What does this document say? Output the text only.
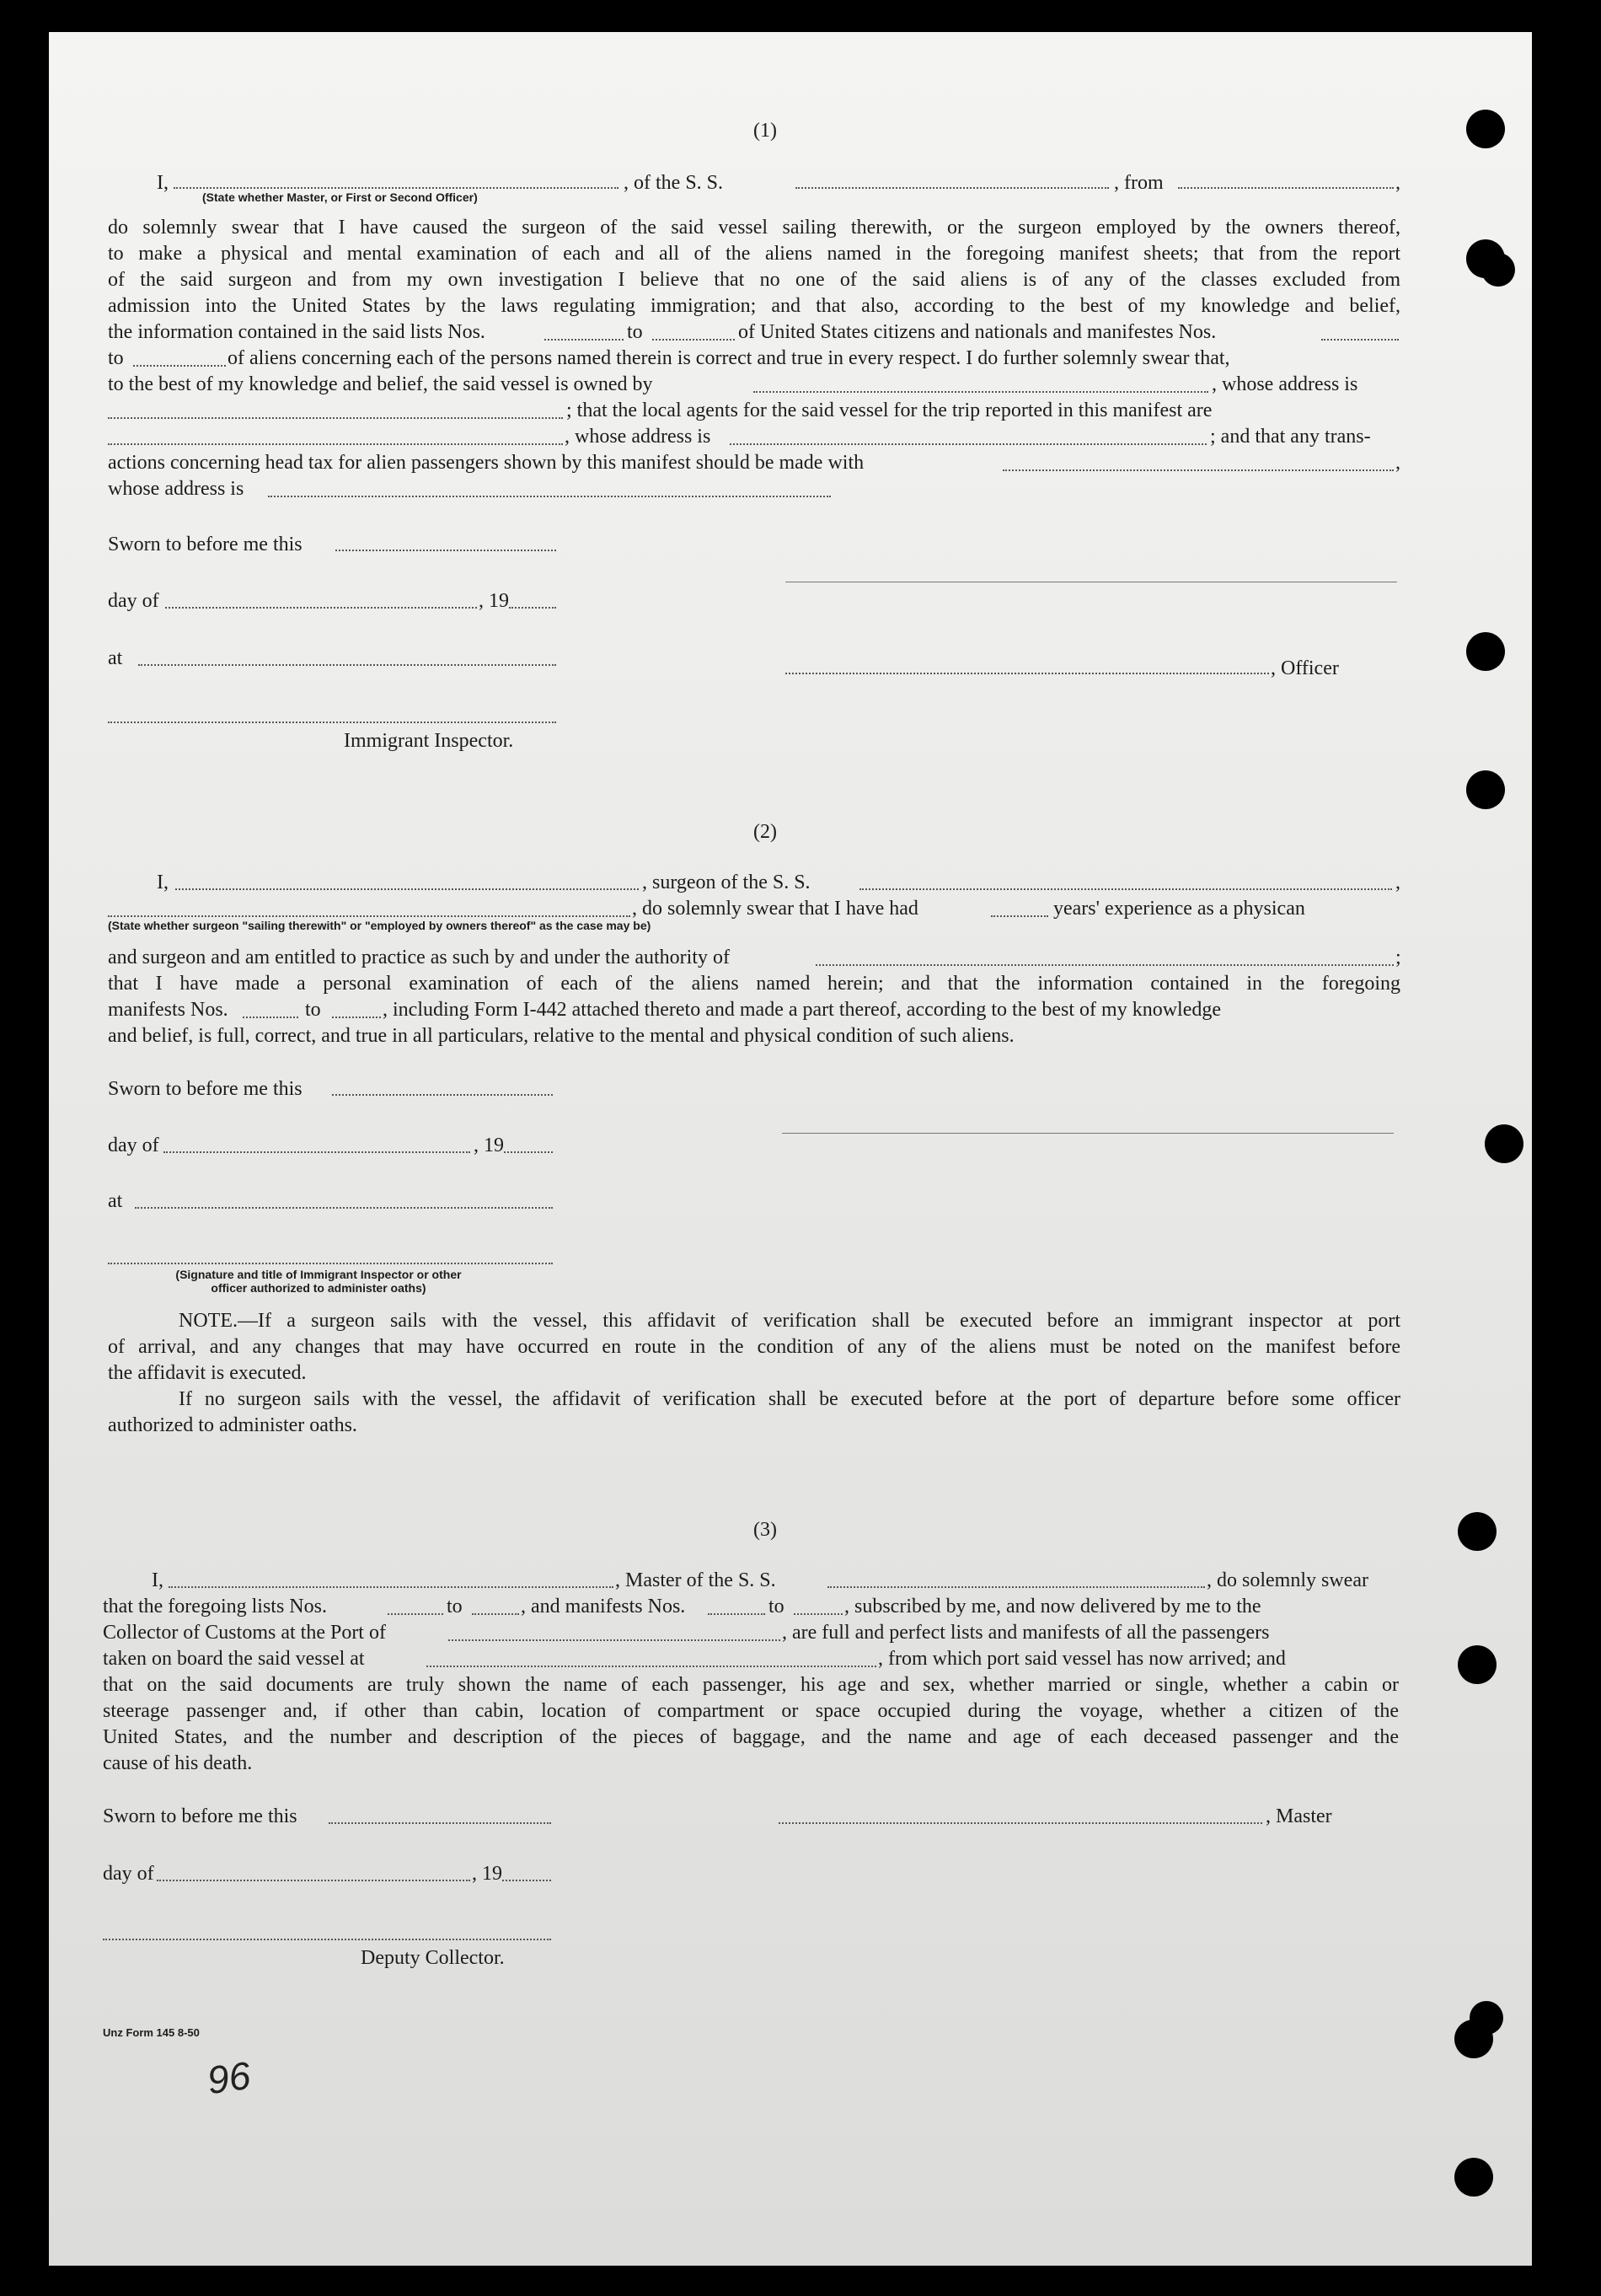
(1)
I,	, of the S. S.	, from	,
(State whether Master, or First or Second Officer)
do solemnly swear that I have caused the surgeon of the said vessel sailing therewith, or the surgeon employed by the owners thereof,
to make a physical and mental examination of each and all of the aliens named in the foregoing manifest sheets; that from the report
of the said surgeon and from my own investigation I believe that no one of the said aliens is of any of the classes excluded from
admission into the United States by the laws regulating immigration; and that also, according to the best of my knowledge and belief,
the information contained in the said lists Nos.	to	of United States citizens and nationals and manifestes Nos.
to	of aliens concerning each of the persons named therein is correct and true in every respect. I do further solemnly swear that,
to the best of my knowledge and belief, the said vessel is owned by	, whose address is
; that the local agents for the said vessel for the trip reported in this manifest are
, whose address is	; and that any trans-
actions concerning head tax for alien passengers shown by this manifest should be made with	,
whose address is
Sworn to before me this
day of	, 19
at	, Officer
Immigrant Inspector.
(2)
I,	, surgeon of the S. S.	,
, do solemnly swear that I have had	years' experience as a physican
(State whether surgeon "sailing therewith" or "employed by owners thereof" as the case may be)
and surgeon and am entitled to practice as such by and under the authority of	;
that I have made a personal examination of each of the aliens named herein; and that the information contained in the foregoing
manifests Nos.	to	, including Form I-442 attached thereto and made a part thereof, according to the best of my knowledge
and belief, is full, correct, and true in all particulars, relative to the mental and physical condition of such aliens.
Sworn to before me this
day of	, 19
at
(Signature and title of Immigrant Inspector or other
officer authorized to administer oaths)
NOTE.—If a surgeon sails with the vessel, this affidavit of verification shall be executed before an immigrant inspector at port
of arrival, and any changes that may have occurred en route in the condition of any of the aliens must be noted on the manifest before
the affidavit is executed.
If no surgeon sails with the vessel, the affidavit of verification shall be executed before at the port of departure before some officer
authorized to administer oaths.
(3)
I,	, Master of the S. S.	, do solemnly swear
that the foregoing lists Nos.	to	, and manifests Nos.	to	, subscribed by me, and now delivered by me to the
Collector of Customs at the Port of	, are full and perfect lists and manifests of all the passengers
taken on board the said vessel at	, from which port said vessel has now arrived; and
that on the said documents are truly shown the name of each passenger, his age and sex, whether married or single, whether a cabin or
steerage passenger and, if other than cabin, location of compartment or space occupied during the voyage, whether a citizen of the
United States, and the number and description of the pieces of baggage, and the name and age of each deceased passenger and the
cause of his death.
Sworn to before me this	, Master
day of	, 19
Deputy Collector.
Unz Form 145 8-50
96
